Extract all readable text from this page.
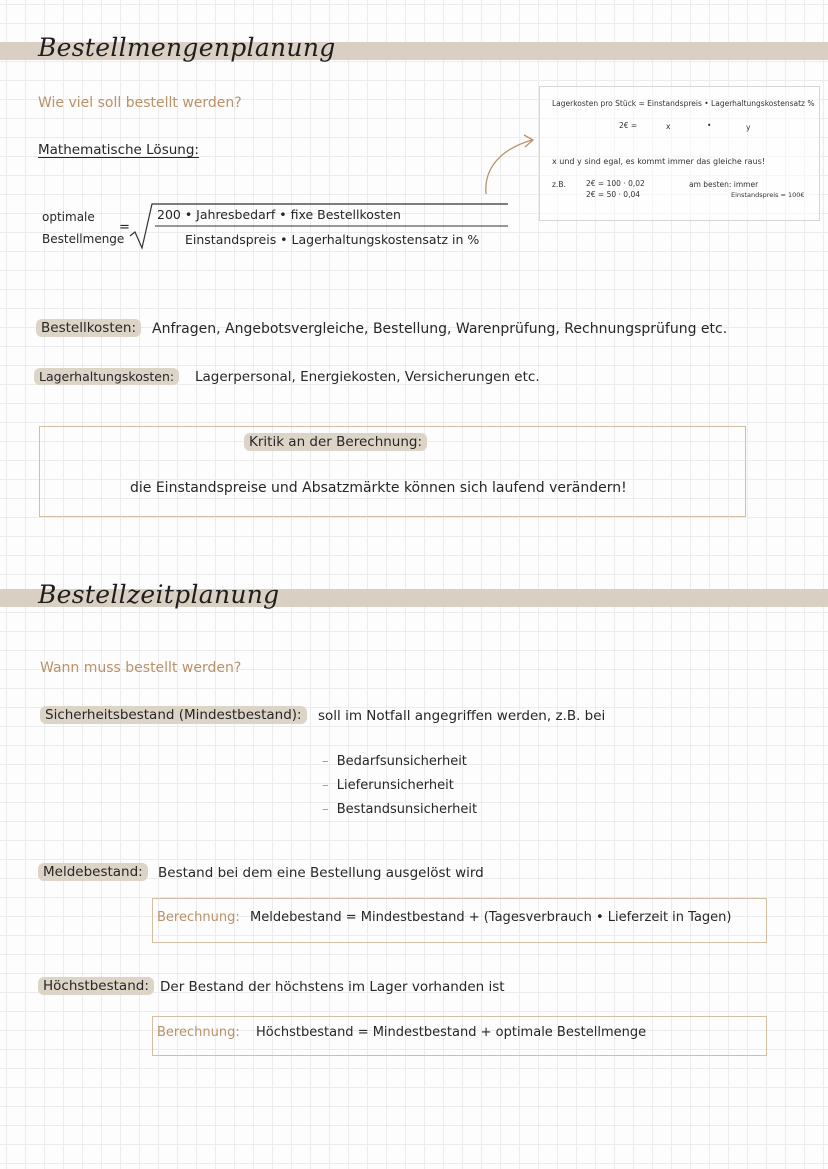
Bestellmengenplanung
Wie viel soll bestellt werden?
Mathematische Lösung:
Lagerkosten pro Stück = Einstandspreis • Lagerhaltungskostensatz %
2€ =	x	•	y
x und y sind egal, es kommt immer das gleiche raus!
z.B.	2€ = 100 · 0,02
2€ = 50 · 0,04
am besten: immer
Einstandspreis = 100€
optimale
Bestellmenge
=
200 • Jahresbedarf • fixe Bestellkosten
Einstandspreis • Lagerhaltungskostensatz in %
Bestellkosten:	Anfragen, Angebotsvergleiche, Bestellung, Warenprüfung, Rechnungsprüfung etc.
Lagerhaltungskosten:	Lagerpersonal, Energiekosten, Versicherungen etc.
Kritik an der Berechnung:
die Einstandspreise und Absatzmärkte können sich laufend verändern!
Bestellzeitplanung
Wann muss bestellt werden?
Sicherheitsbestand (Mindestbestand):	soll im Notfall angegriffen werden, z.B. bei
–  Bedarfsunsicherheit
–  Lieferunsicherheit
–  Bestandsunsicherheit
Meldebestand:	Bestand bei dem eine Bestellung ausgelöst wird
Berechnung: Meldebestand = Mindestbestand + (Tagesverbrauch • Lieferzeit in Tagen)
Höchstbestand: Der Bestand der höchstens im Lager vorhanden ist
Berechnung: Höchstbestand = Mindestbestand + optimale Bestellmenge
